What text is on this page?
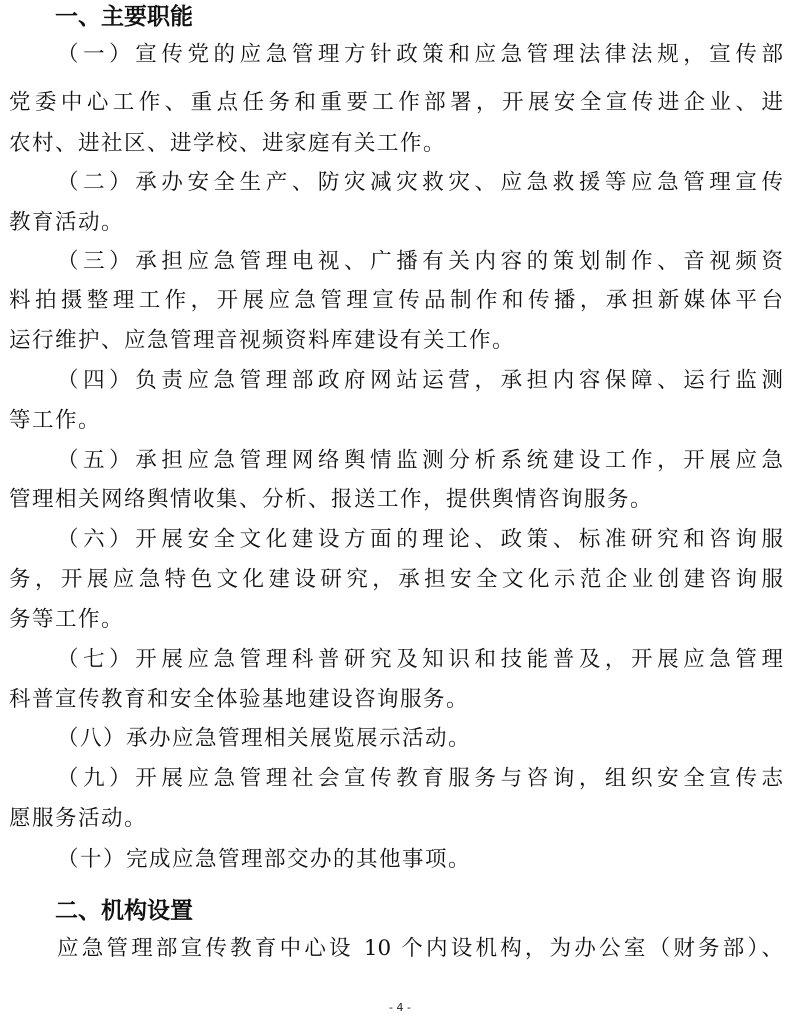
一、主要职能
（一）宣传党的应急管理方针政策和应急管理法律法规，宣传部
党委中心工作、重点任务和重要工作部署，开展安全宣传进企业、进
农村、进社区、进学校、进家庭有关工作。
（二）承办安全生产、防灾减灾救灾、应急救援等应急管理宣传
教育活动。
（三）承担应急管理电视、广播有关内容的策划制作、音视频资
料拍摄整理工作，开展应急管理宣传品制作和传播，承担新媒体平台
运行维护、应急管理音视频资料库建设有关工作。
（四）负责应急管理部政府网站运营，承担内容保障、运行监测
等工作。
（五）承担应急管理网络舆情监测分析系统建设工作，开展应急
管理相关网络舆情收集、分析、报送工作，提供舆情咨询服务。
（六）开展安全文化建设方面的理论、政策、标准研究和咨询服
务，开展应急特色文化建设研究，承担安全文化示范企业创建咨询服
务等工作。
（七）开展应急管理科普研究及知识和技能普及，开展应急管理
科普宣传教育和安全体验基地建设咨询服务。
（八）承办应急管理相关展览展示活动。
（九）开展应急管理社会宣传教育服务与咨询，组织安全宣传志
愿服务活动。
（十）完成应急管理部交办的其他事项。
二、机构设置
应急管理部宣传教育中心设 10 个内设机构，为办公室（财务部）、
- 4 -
